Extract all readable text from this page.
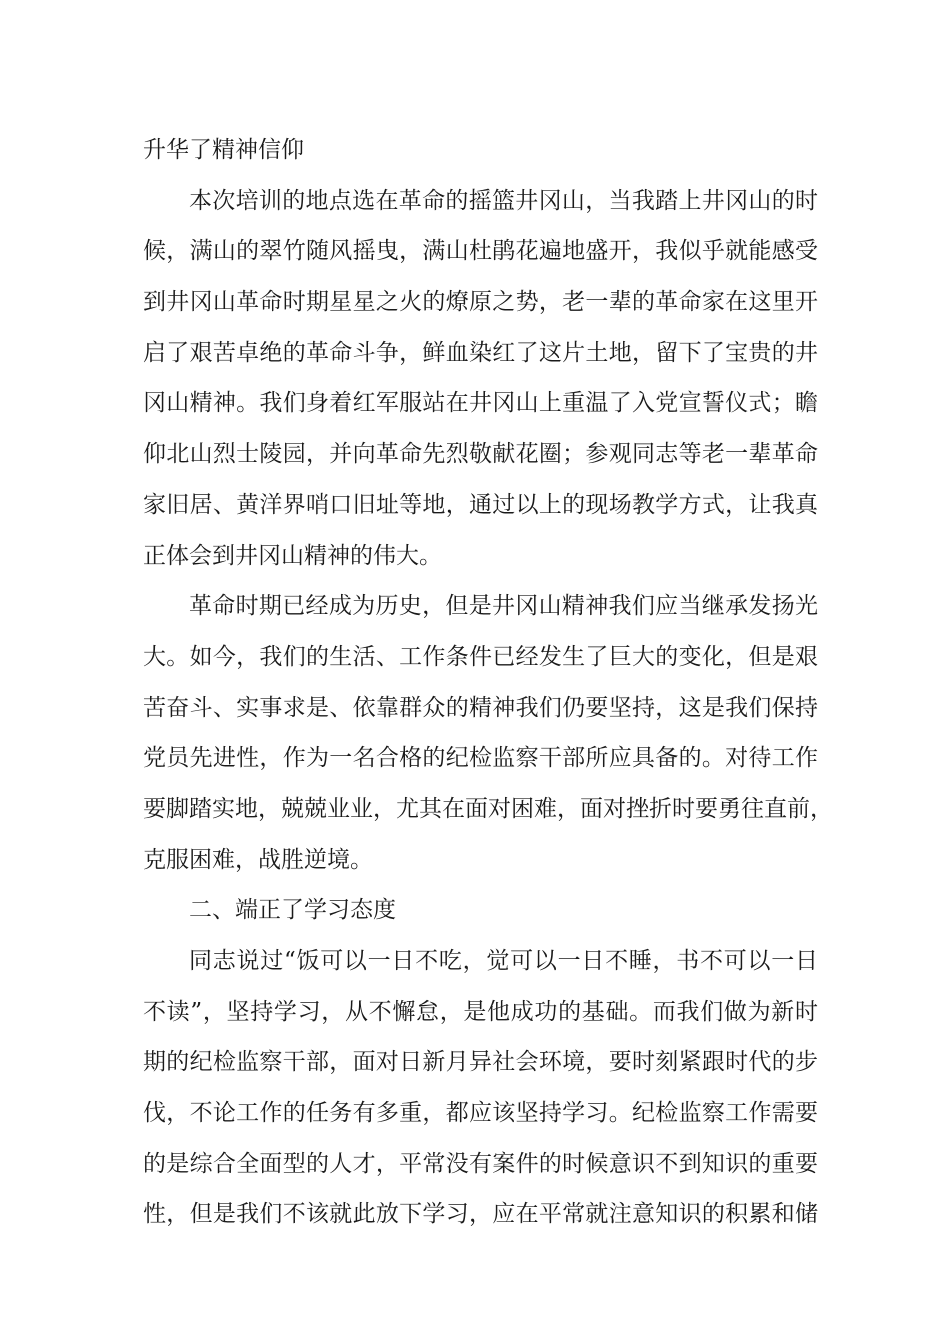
升华了精神信仰
本次培训的地点选在革命的摇篮井冈山，当我踏上井冈山的时
候，满山的翠竹随风摇曳，满山杜鹃花遍地盛开，我似乎就能感受
到井冈山革命时期星星之火的燎原之势，老一辈的革命家在这里开
启了艰苦卓绝的革命斗争，鲜血染红了这片土地，留下了宝贵的井
冈山精神。我们身着红军服站在井冈山上重温了入党宣誓仪式；瞻
仰北山烈士陵园，并向革命先烈敬献花圈；参观同志等老一辈革命
家旧居、黄洋界哨口旧址等地，通过以上的现场教学方式，让我真
正体会到井冈山精神的伟大。
革命时期已经成为历史，但是井冈山精神我们应当继承发扬光
大。如今，我们的生活、工作条件已经发生了巨大的变化，但是艰
苦奋斗、实事求是、依靠群众的精神我们仍要坚持，这是我们保持
党员先进性，作为一名合格的纪检监察干部所应具备的。对待工作
要脚踏实地，兢兢业业，尤其在面对困难，面对挫折时要勇往直前，
克服困难，战胜逆境。
二、端正了学习态度
同志说过“饭可以一日不吃，觉可以一日不睡，书不可以一日
不读”，坚持学习，从不懈怠，是他成功的基础。而我们做为新时
期的纪检监察干部，面对日新月异社会环境，要时刻紧跟时代的步
伐，不论工作的任务有多重，都应该坚持学习。纪检监察工作需要
的是综合全面型的人才，平常没有案件的时候意识不到知识的重要
性，但是我们不该就此放下学习，应在平常就注意知识的积累和储
